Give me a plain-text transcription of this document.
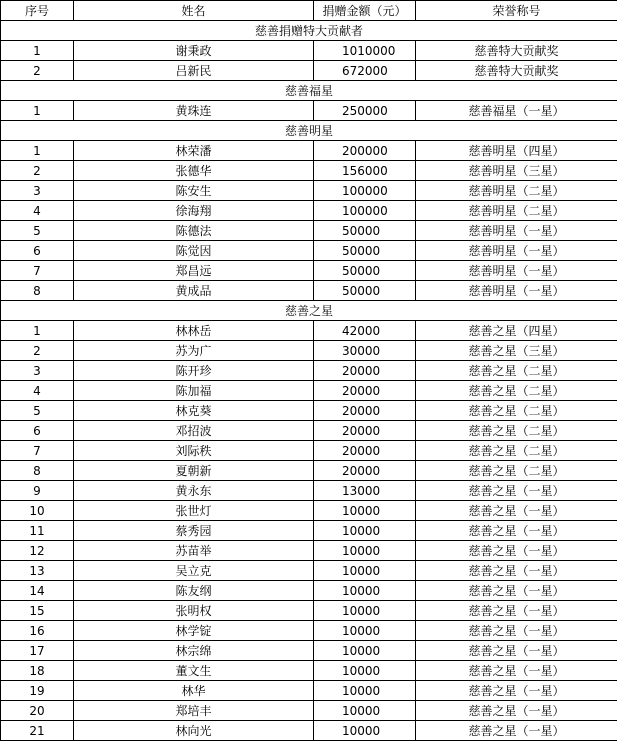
序号	姓名	捐赠金额（元）	荣誉称号
慈善捐赠特大贡献者			
1	谢秉政	1010000	慈善特大贡献奖
2	吕新民	672000	慈善特大贡献奖
慈善福星			
1	黄珠连	250000	慈善福星（一星）
慈善明星			
1	林荣潘	200000	慈善明星（四星）
2	张德华	156000	慈善明星（三星）
3	陈安生	100000	慈善明星（二星）
4	徐海翔	100000	慈善明星（二星）
5	陈德法	50000	慈善明星（一星）
6	陈觉因	50000	慈善明星（一星）
7	郑昌远	50000	慈善明星（一星）
8	黄成品	50000	慈善明星（一星）
慈善之星			
1	林林岳	42000	慈善之星（四星）
2	苏为广	30000	慈善之星（三星）
3	陈开珍	20000	慈善之星（二星）
4	陈加福	20000	慈善之星（二星）
5	林克葵	20000	慈善之星（二星）
6	邓招波	20000	慈善之星（二星）
7	刘际秩	20000	慈善之星（二星）
8	夏朝新	20000	慈善之星（二星）
9	黄永东	13000	慈善之星（一星）
10	张世灯	10000	慈善之星（一星）
11	蔡秀园	10000	慈善之星（一星）
12	苏苗举	10000	慈善之星（一星）
13	吴立克	10000	慈善之星（一星）
14	陈友纲	10000	慈善之星（一星）
15	张明权	10000	慈善之星（一星）
16	林学锭	10000	慈善之星（一星）
17	林宗绵	10000	慈善之星（一星）
18	董文生	10000	慈善之星（一星）
19	林华	10000	慈善之星（一星）
20	郑培丰	10000	慈善之星（一星）
21	林向光	10000	慈善之星（一星）
